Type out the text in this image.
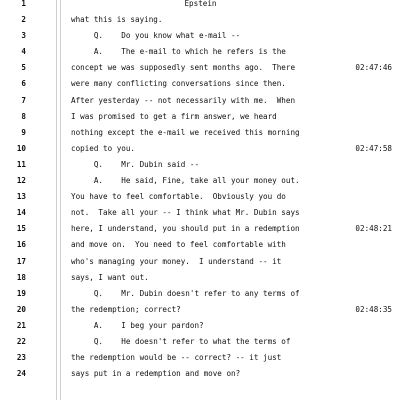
1	Epstein
2	what this is saying.
3	Q.    Do you know what e-mail --
4	A.    The e-mail to which he refers is the
5	concept we was supposedly sent months ago.  There	02:47:46
6	were many conflicting conversations since then.
7	After yesterday -- not necessarily with me.  When
8	I was promised to get a firm answer, we heard
9	nothing except the e-mail we received this morning
10	copied to you.	02:47:58
11	Q.    Mr. Dubin said --
12	A.    He said, Fine, take all your money out.
13	You have to feel comfortable.  Obviously you do
14	not.  Take all your -- I think what Mr. Dubin says
15	here, I understand, you should put in a redemption	02:48:21
16	and move on.  You need to feel comfortable with
17	who's managing your money.  I understand -- it
18	says, I want out.
19	Q.    Mr. Dubin doesn't refer to any terms of
20	the redemption; correct?	02:48:35
21	A.    I beg your pardon?
22	Q.    He doesn't refer to what the terms of
23	the redemption would be -- correct? -- it just
24	says put in a redemption and move on?
